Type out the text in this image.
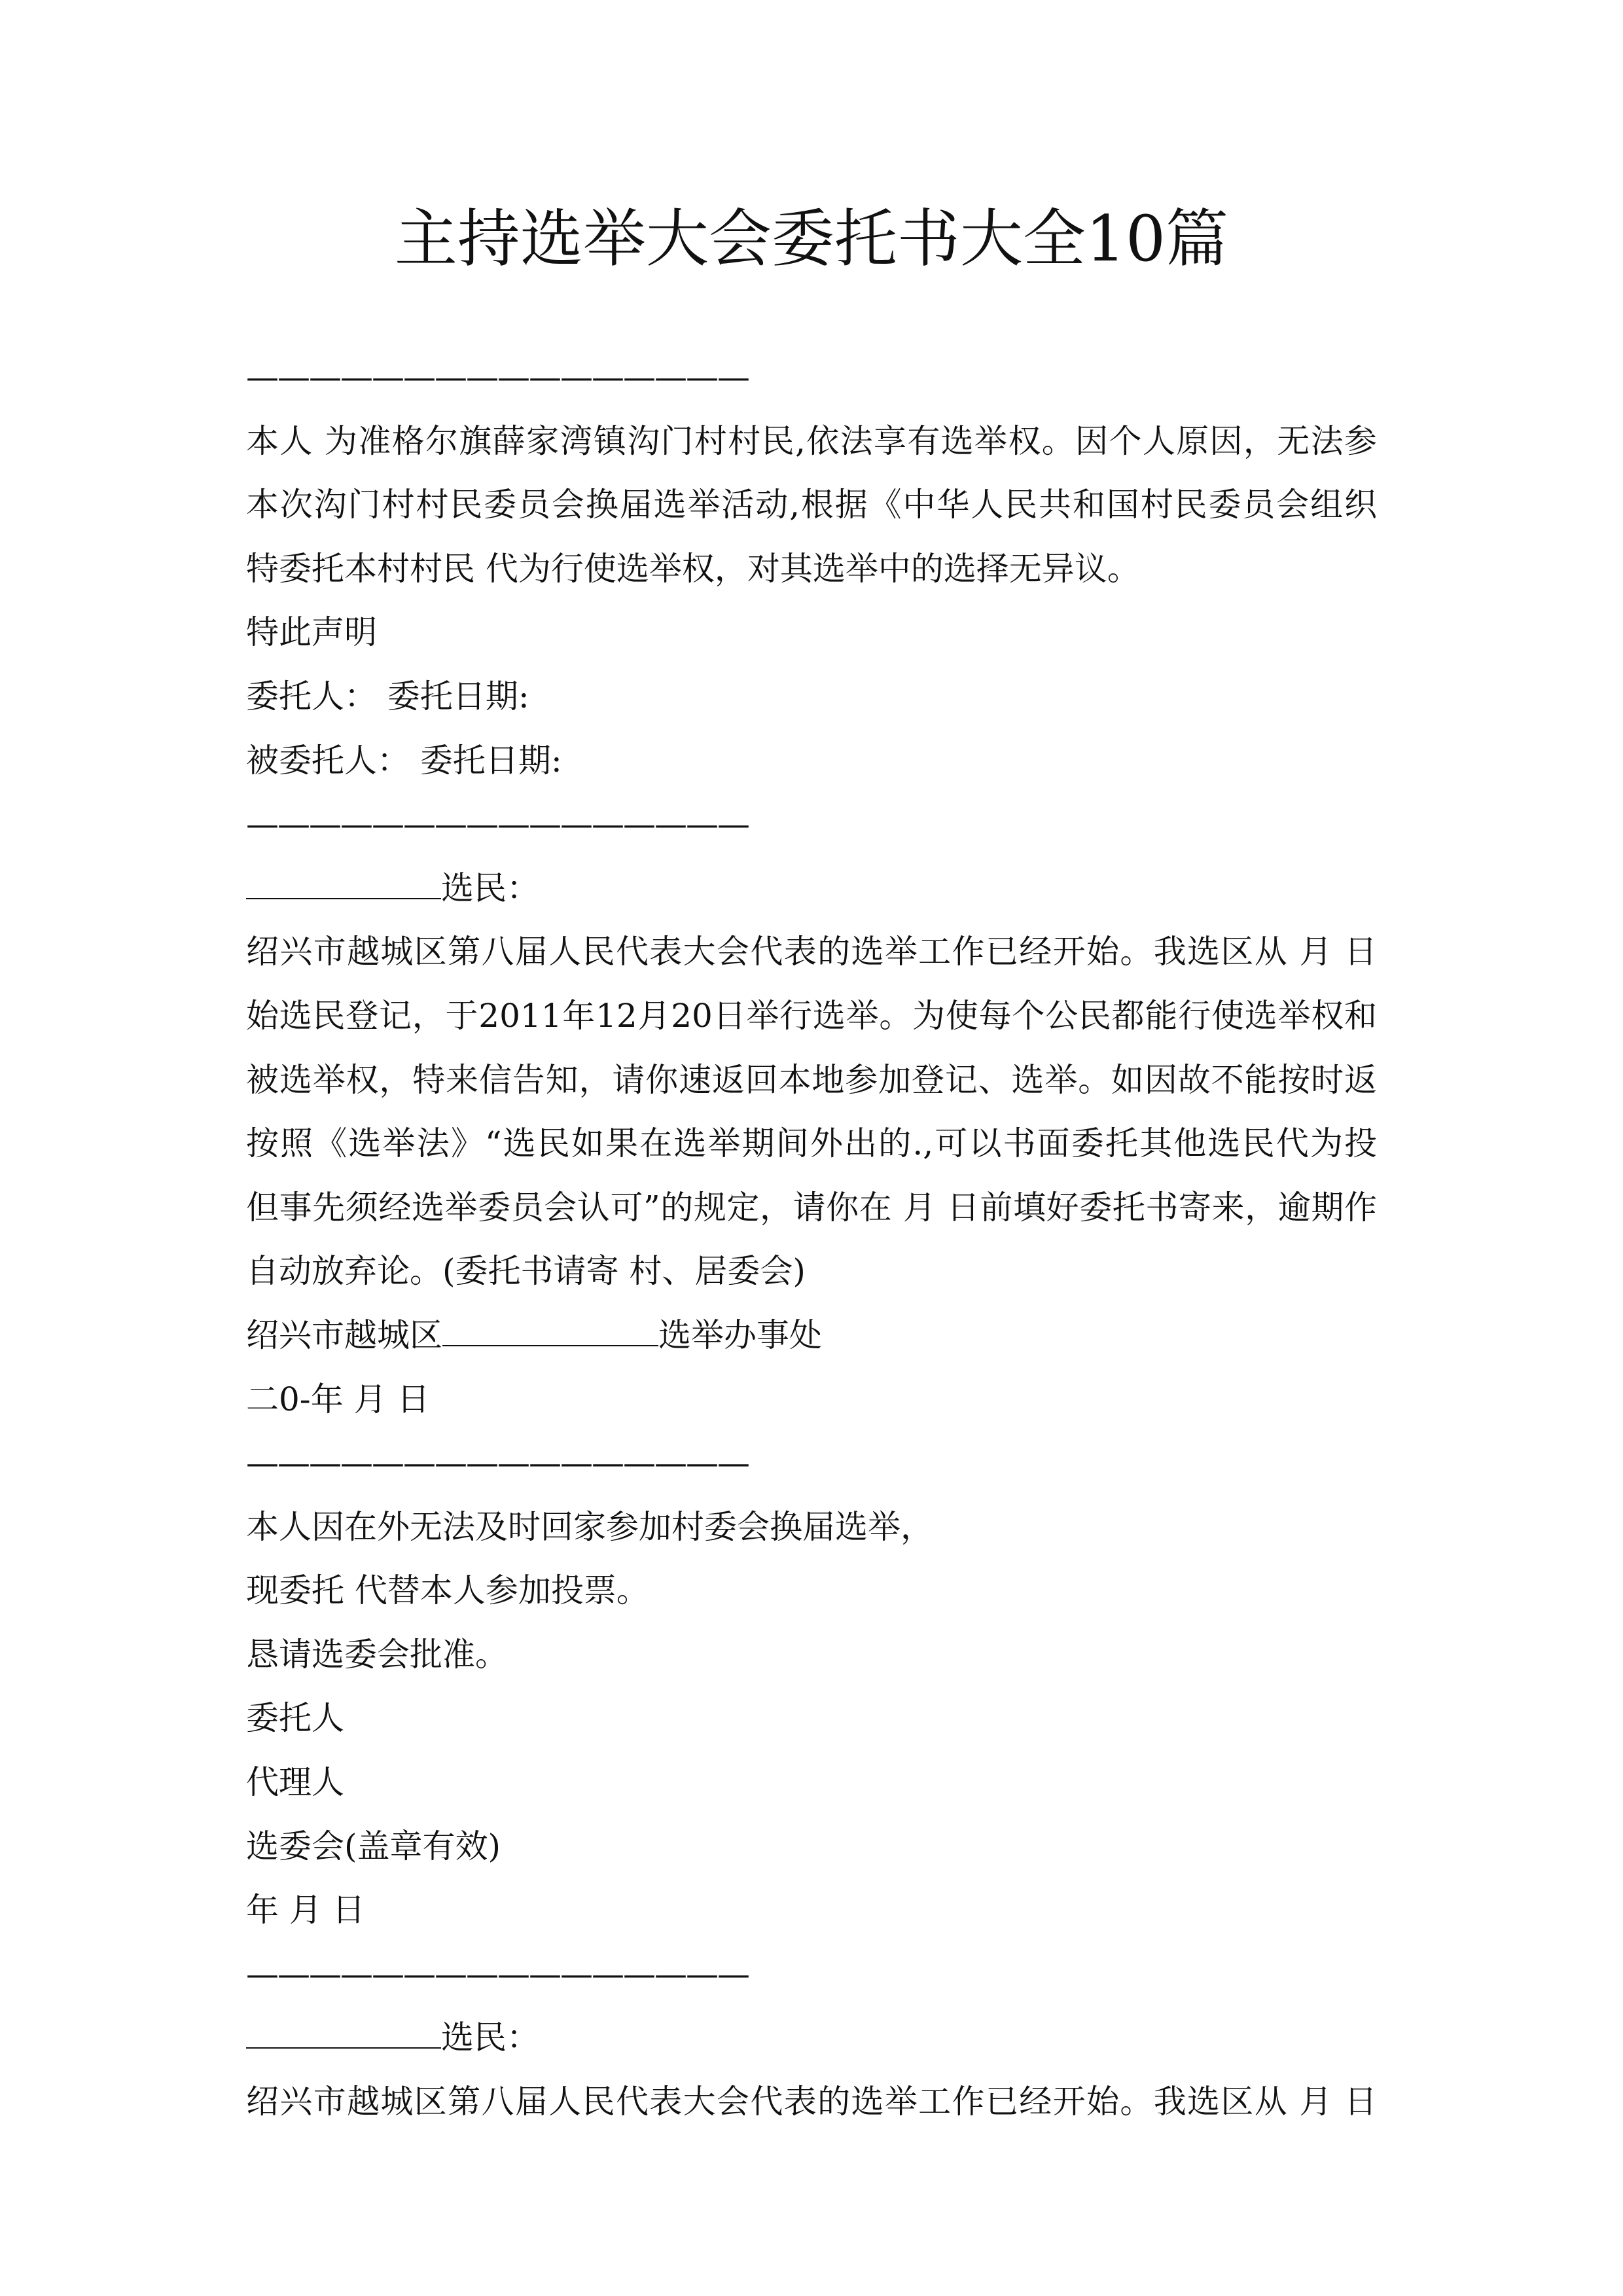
主持选举大会委托书大全10篇
————————————————
本人 为准格尔旗薛家湾镇沟门村村民,依法享有选举权。因个人原因，无法参
本次沟门村村民委员会换届选举活动,根据《中华人民共和国村民委员会组织
特委托本村村民 代为行使选举权，对其选举中的选择无异议。
特此声明
委托人： 委托日期:
被委托人： 委托日期:
————————————————
选民：
绍兴市越城区第八届人民代表大会代表的选举工作已经开始。我选区从 月 日
始选民登记，于2011年12月20日举行选举。为使每个公民都能行使选举权和
被选举权，特来信告知，请你速返回本地参加登记、选举。如因故不能按时返
按照《选举法》“选民如果在选举期间外出的.,可以书面委托其他选民代为投
但事先须经选举委员会认可”的规定，请你在 月 日前填好委托书寄来，逾期作
自动放弃论。(委托书请寄 村、居委会)
绍兴市越城区	选举办事处
二0-年 月 日
————————————————
本人因在外无法及时回家参加村委会换届选举，
现委托 代替本人参加投票。
恳请选委会批准。
委托人
代理人
选委会(盖章有效)
年 月 日
————————————————
选民：
绍兴市越城区第八届人民代表大会代表的选举工作已经开始。我选区从 月 日
